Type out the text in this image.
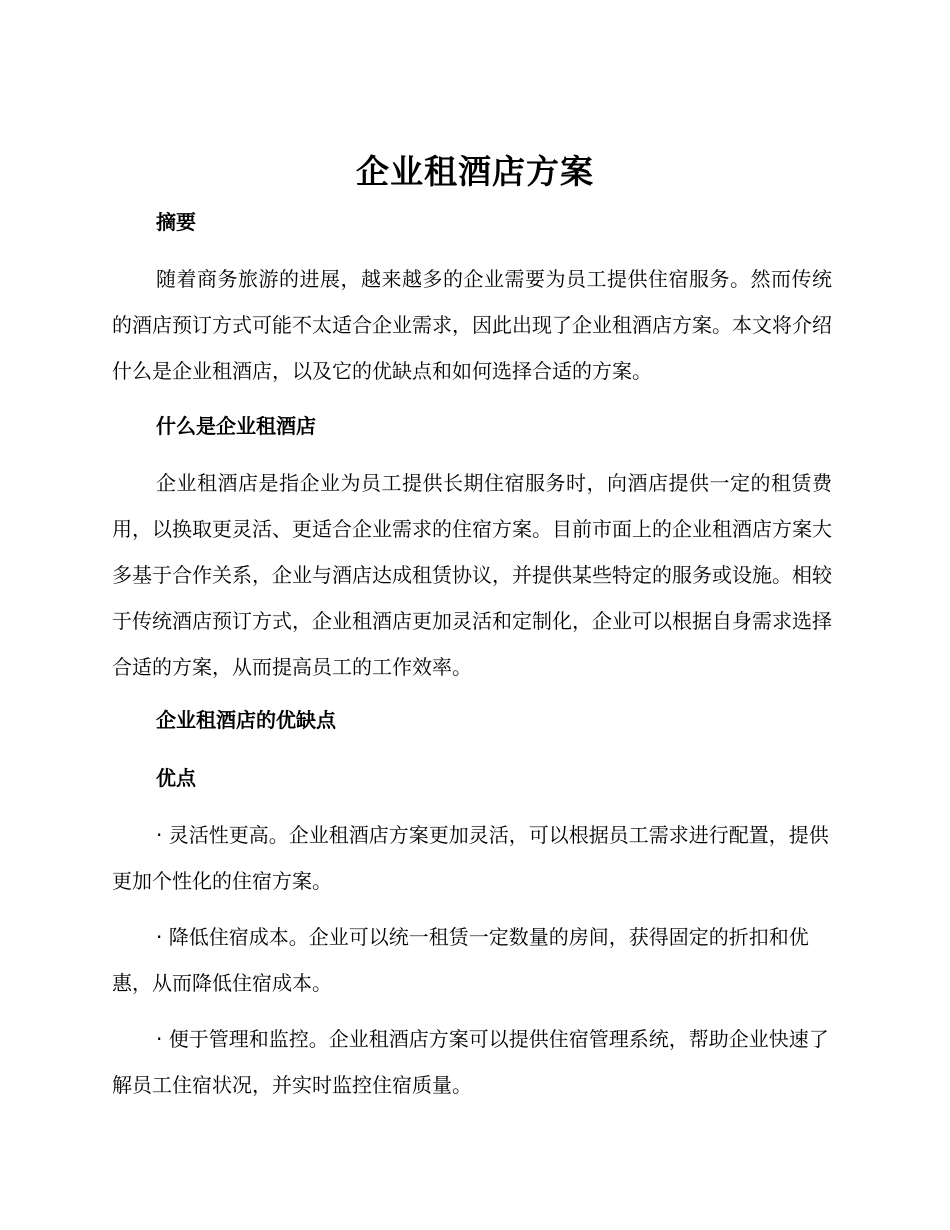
企业租酒店方案
摘要
随着商务旅游的进展，越来越多的企业需要为员工提供住宿服务。然而传统的酒店预订方式可能不太适合企业需求，因此出现了企业租酒店方案。本文将介绍什么是企业租酒店，以及它的优缺点和如何选择合适的方案。
什么是企业租酒店
企业租酒店是指企业为员工提供长期住宿服务时，向酒店提供一定的租赁费用，以换取更灵活、更适合企业需求的住宿方案。目前市面上的企业租酒店方案大多基于合作关系，企业与酒店达成租赁协议，并提供某些特定的服务或设施。相较于传统酒店预订方式，企业租酒店更加灵活和定制化，企业可以根据自身需求选择合适的方案，从而提高员工的工作效率。
企业租酒店的优缺点
优点
· 灵活性更高。企业租酒店方案更加灵活，可以根据员工需求进行配置，提供更加个性化的住宿方案。
· 降低住宿成本。企业可以统一租赁一定数量的房间，获得固定的折扣和优惠，从而降低住宿成本。
· 便于管理和监控。企业租酒店方案可以提供住宿管理系统，帮助企业快速了解员工住宿状况，并实时监控住宿质量。
